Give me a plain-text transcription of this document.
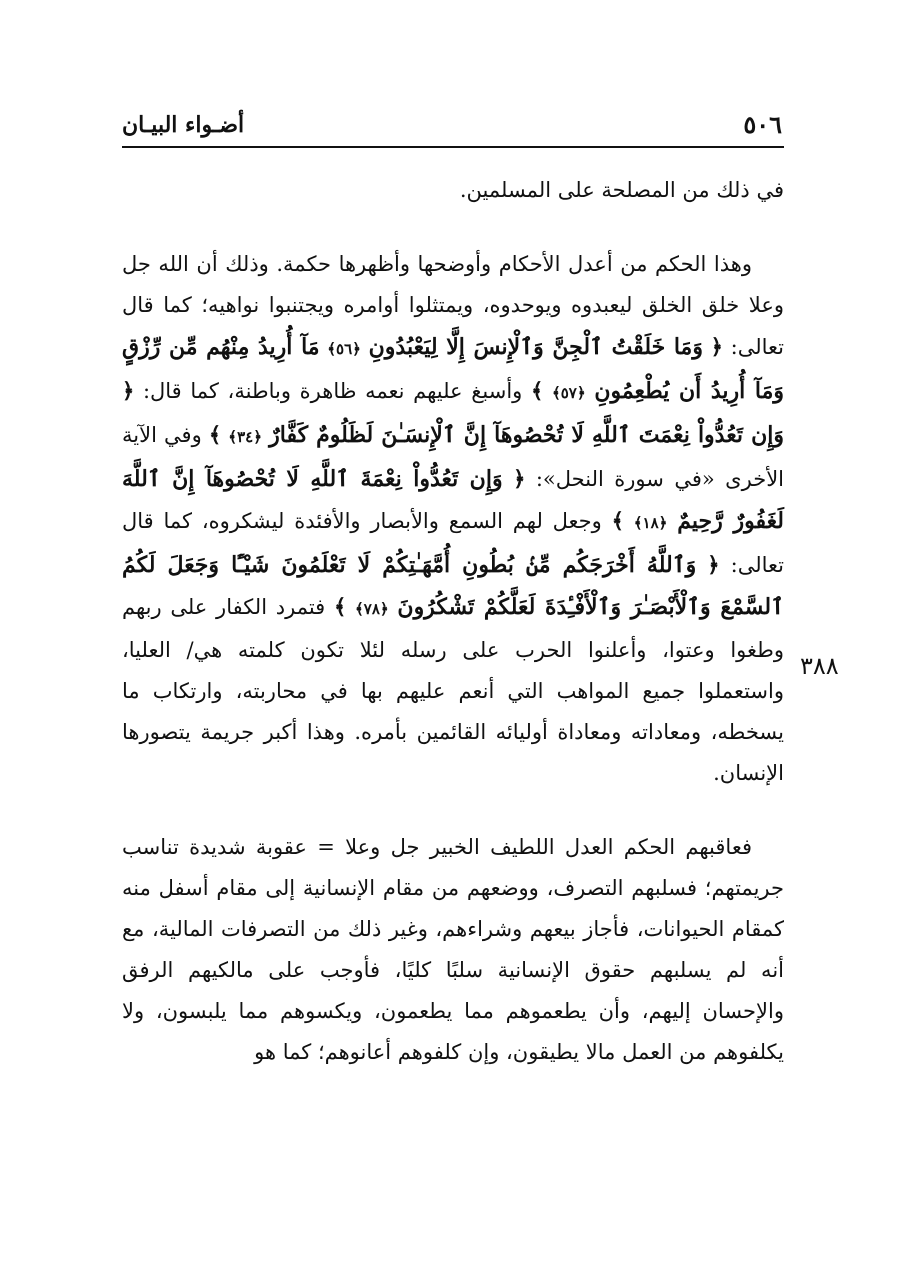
٥٠٦
أضـواء البيـان
٣٨٨

في ذلك من المصلحة على المسلمين.

وهذا الحكم من أعدل الأحكام وأوضحها وأظهرها حكمة. وذلك أن الله جل وعلا خلق الخلق ليعبدوه ويوحدوه، ويمتثلوا أوامره ويجتنبوا نواهيه؛ كما قال تعالى: ﴿ وَمَا خَلَقْتُ ٱلْجِنَّ وَٱلْإِنسَ إِلَّا لِيَعْبُدُونِ ﴿٥٦﴾ مَآ أُرِيدُ مِنْهُم مِّن رِّزْقٍ وَمَآ أُرِيدُ أَن يُطْعِمُونِ ﴿٥٧﴾ ﴾ وأسبغ عليهم نعمه ظاهرة وباطنة، كما قال: ﴿ وَإِن تَعُدُّواْ نِعْمَتَ ٱللَّهِ لَا تُحْصُوهَآ إِنَّ ٱلْإِنسَـٰنَ لَظَلُومٌ كَفَّارٌ ﴿٣٤﴾ ﴾ وفي الآية الأخرى «في سورة النحل»: ﴿ وَإِن تَعُدُّواْ نِعْمَةَ ٱللَّهِ لَا تُحْصُوهَآ إِنَّ ٱللَّهَ لَغَفُورٌ رَّحِيمٌ ﴿١٨﴾ ﴾ وجعل لهم السمع والأبصار والأفئدة ليشكروه، كما قال تعالى: ﴿ وَٱللَّهُ أَخْرَجَكُم مِّنۢ بُطُونِ أُمَّهَـٰتِكُمْ لَا تَعْلَمُونَ شَيْـًٔا وَجَعَلَ لَكُمُ ٱلسَّمْعَ وَٱلْأَبْصَـٰرَ وَٱلْأَفْـِٔدَةَ لَعَلَّكُمْ تَشْكُرُونَ ﴿٧٨﴾ ﴾ فتمرد الكفار على ربهم وطغوا وعتوا، وأعلنوا الحرب على رسله لئلا تكون كلمته هي/ العليا، واستعملوا جميع المواهب التي أنعم عليهم بها في محاربته، وارتكاب ما يسخطه، ومعاداته ومعاداة أوليائه القائمين بأمره. وهذا أكبر جريمة يتصورها الإنسان.

فعاقبهم الحكم العدل اللطيف الخبير جل وعلا = عقوبة شديدة تناسب جريمتهم؛ فسلبهم التصرف، ووضعهم من مقام الإنسانية إلى مقام أسفل منه كمقام الحيوانات، فأجاز بيعهم وشراءهم، وغير ذلك من التصرفات المالية، مع أنه لم يسلبهم حقوق الإنسانية سلبًا كليًا، فأوجب على مالكيهم الرفق والإحسان إليهم، وأن يطعموهم مما يطعمون، ويكسوهم مما يلبسون، ولا يكلفوهم من العمل مالا يطيقون، وإن كلفوهم أعانوهم؛ كما هو
